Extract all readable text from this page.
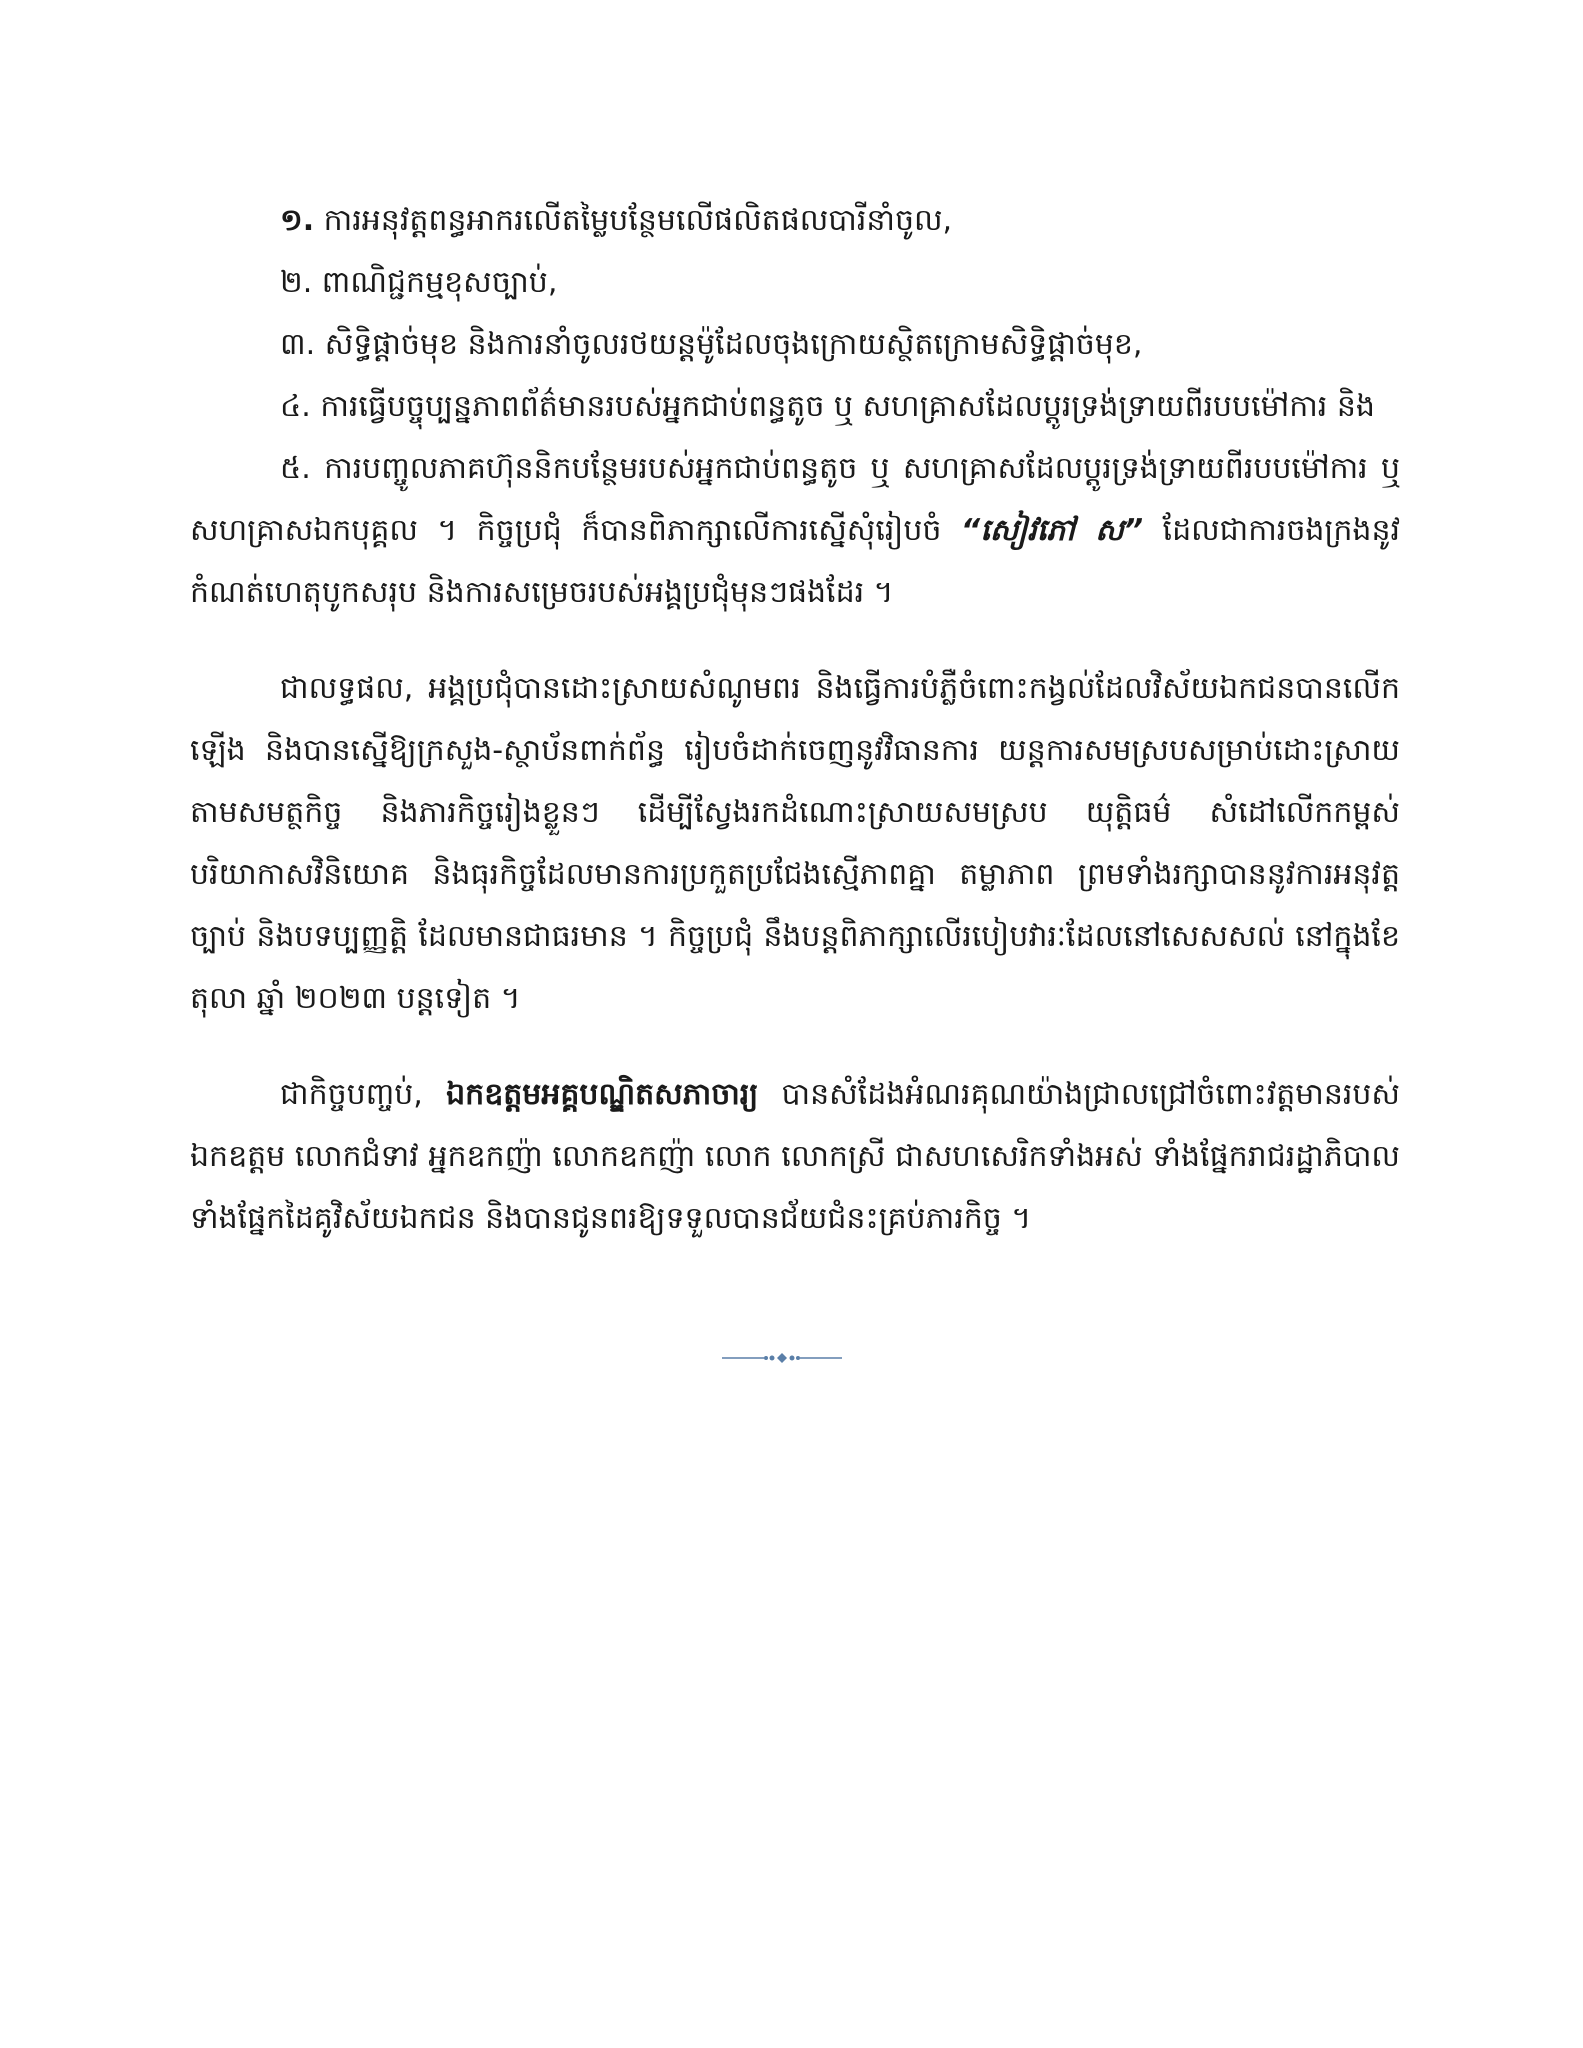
១. ការអនុវត្តពន្ធអាករលើតម្លៃបន្ថែមលើផលិតផលបារីនាំចូល,

២. ពាណិជ្ជកម្មខុសច្បាប់,

៣. សិទ្ធិផ្តាច់មុខ និងការនាំចូលរថយន្តម៉ូដែលចុងក្រោយស្ថិតក្រោមសិទ្ធិផ្តាច់មុខ,

៤. ការធ្វើបច្ចុប្បន្នភាពព័ត៌មានរបស់អ្នកជាប់ពន្ធតូច ឬ សហគ្រាសដែលប្តូរទ្រង់ទ្រាយពីរបបម៉ៅការ និង

៥. ការបញ្ចូលភាគហ៊ុននិកបន្ថែមរបស់អ្នកជាប់ពន្ធតូច ឬ សហគ្រាសដែលប្តូរទ្រង់ទ្រាយពីរបបម៉ៅការ ឬ សហគ្រាសឯកបុគ្គល ។ កិច្ចប្រជុំ ក៏បានពិភាក្សាលើការស្នើសុំរៀបចំ “សៀវភៅ ស” ដែលជាការចងក្រងនូវកំណត់ហេតុបូកសរុប និងការសម្រេចរបស់អង្គប្រជុំមុនៗផងដែរ ។

ជាលទ្ធផល, អង្គប្រជុំបានដោះស្រាយសំណូមពរ និងធ្វើការបំភ្លឺចំពោះកង្វល់ដែលវិស័យឯកជនបានលើកឡើង និងបានស្នើឱ្យក្រសួង-ស្ថាប័នពាក់ព័ន្ធ រៀបចំដាក់ចេញនូវវិធានការ យន្តការសមស្របសម្រាប់ដោះស្រាយតាមសមត្ថកិច្ច និងភារកិច្ចរៀងខ្លួនៗ ដើម្បីស្វែងរកដំណោះស្រាយសមស្រប យុត្តិធម៌ សំដៅលើកកម្ពស់បរិយាកាសវិនិយោគ និងធុរកិច្ចដែលមានការប្រកួតប្រជែងស្មើភាពគ្នា តម្លាភាព ព្រមទាំងរក្សាបាននូវការអនុវត្តច្បាប់ និងបទប្បញ្ញត្តិ ដែលមានជាធរមាន ។ កិច្ចប្រជុំ នឹងបន្តពិភាក្សាលើរបៀបវារៈដែលនៅសេសសល់ នៅក្នុងខែ តុលា ឆ្នាំ ២០២៣ បន្តទៀត ។

ជាកិច្ចបញ្ចប់, ឯកឧត្តមអគ្គបណ្ឌិតសភាចារ្យ បានសំដែងអំណរគុណយ៉ាងជ្រាលជ្រៅចំពោះវត្តមានរបស់ឯកឧត្តម លោកជំទាវ អ្នកឧកញ៉ា លោកឧកញ៉ា លោក លោកស្រី ជាសហសេរិកទាំងអស់ ទាំងផ្នែករាជរដ្ឋាភិបាល ទាំងផ្នែកដៃគូវិស័យឯកជន និងបានជូនពរឱ្យទទួលបានជ័យជំនះគ្រប់ភារកិច្ច ។
